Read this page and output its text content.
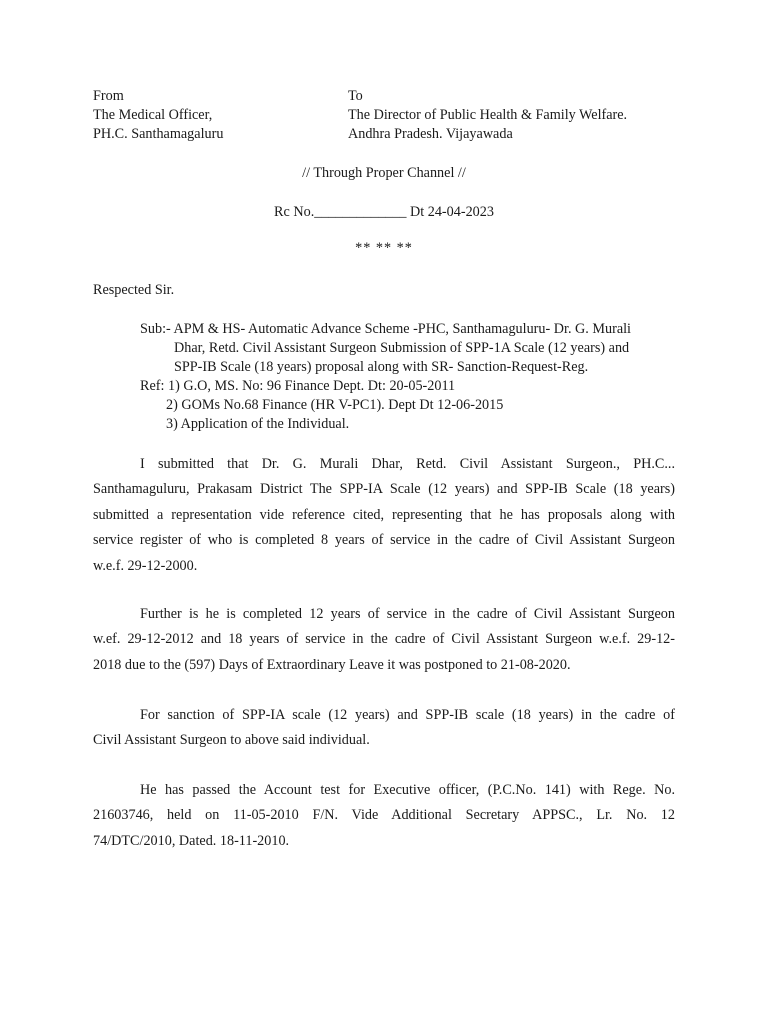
From
The Medical Officer,
PH.C. Santhamagaluru
To
The Director of Public Health & Family Welfare.
Andhra Pradesh. Vijayawada
// Through Proper Channel //
Rc No._____________ Dt 24-04-2023
** ** **
Respected Sir.
Sub:- APM & HS- Automatic Advance Scheme -PHC, Santhamaguluru- Dr. G. Murali
Dhar, Retd. Civil Assistant Surgeon Submission of SPP-1A Scale (12 years) and
SPP-IB Scale (18 years) proposal along with SR- Sanction-Request-Reg.
Ref: 1) G.O, MS. No: 96 Finance Dept. Dt: 20-05-2011
2) GOMs No.68 Finance (HR V-PC1). Dept Dt 12-06-2015
3) Application of the Individual.
I submitted that Dr. G. Murali Dhar, Retd. Civil Assistant Surgeon., PH.C...
Santhamaguluru, Prakasam District The SPP-IA Scale (12 years) and SPP-IB Scale (18 years)
submitted a representation vide reference cited, representing that he has proposals along with
service register of who is completed 8 years of service in the cadre of Civil Assistant Surgeon
w.e.f. 29-12-2000.
Further is he is completed 12 years of service in the cadre of Civil Assistant Surgeon
w.ef. 29-12-2012 and 18 years of service in the cadre of Civil Assistant Surgeon w.e.f. 29-12-
2018 due to the (597) Days of Extraordinary Leave it was postponed to 21-08-2020.
For sanction of SPP-IA scale (12 years) and SPP-IB scale (18 years) in the cadre of
Civil Assistant Surgeon to above said individual.
He has passed the Account test for Executive officer, (P.C.No. 141) with Rege. No.
21603746, held on 11-05-2010 F/N. Vide Additional Secretary APPSC., Lr. No. 12
74/DTC/2010, Dated. 18-11-2010.
